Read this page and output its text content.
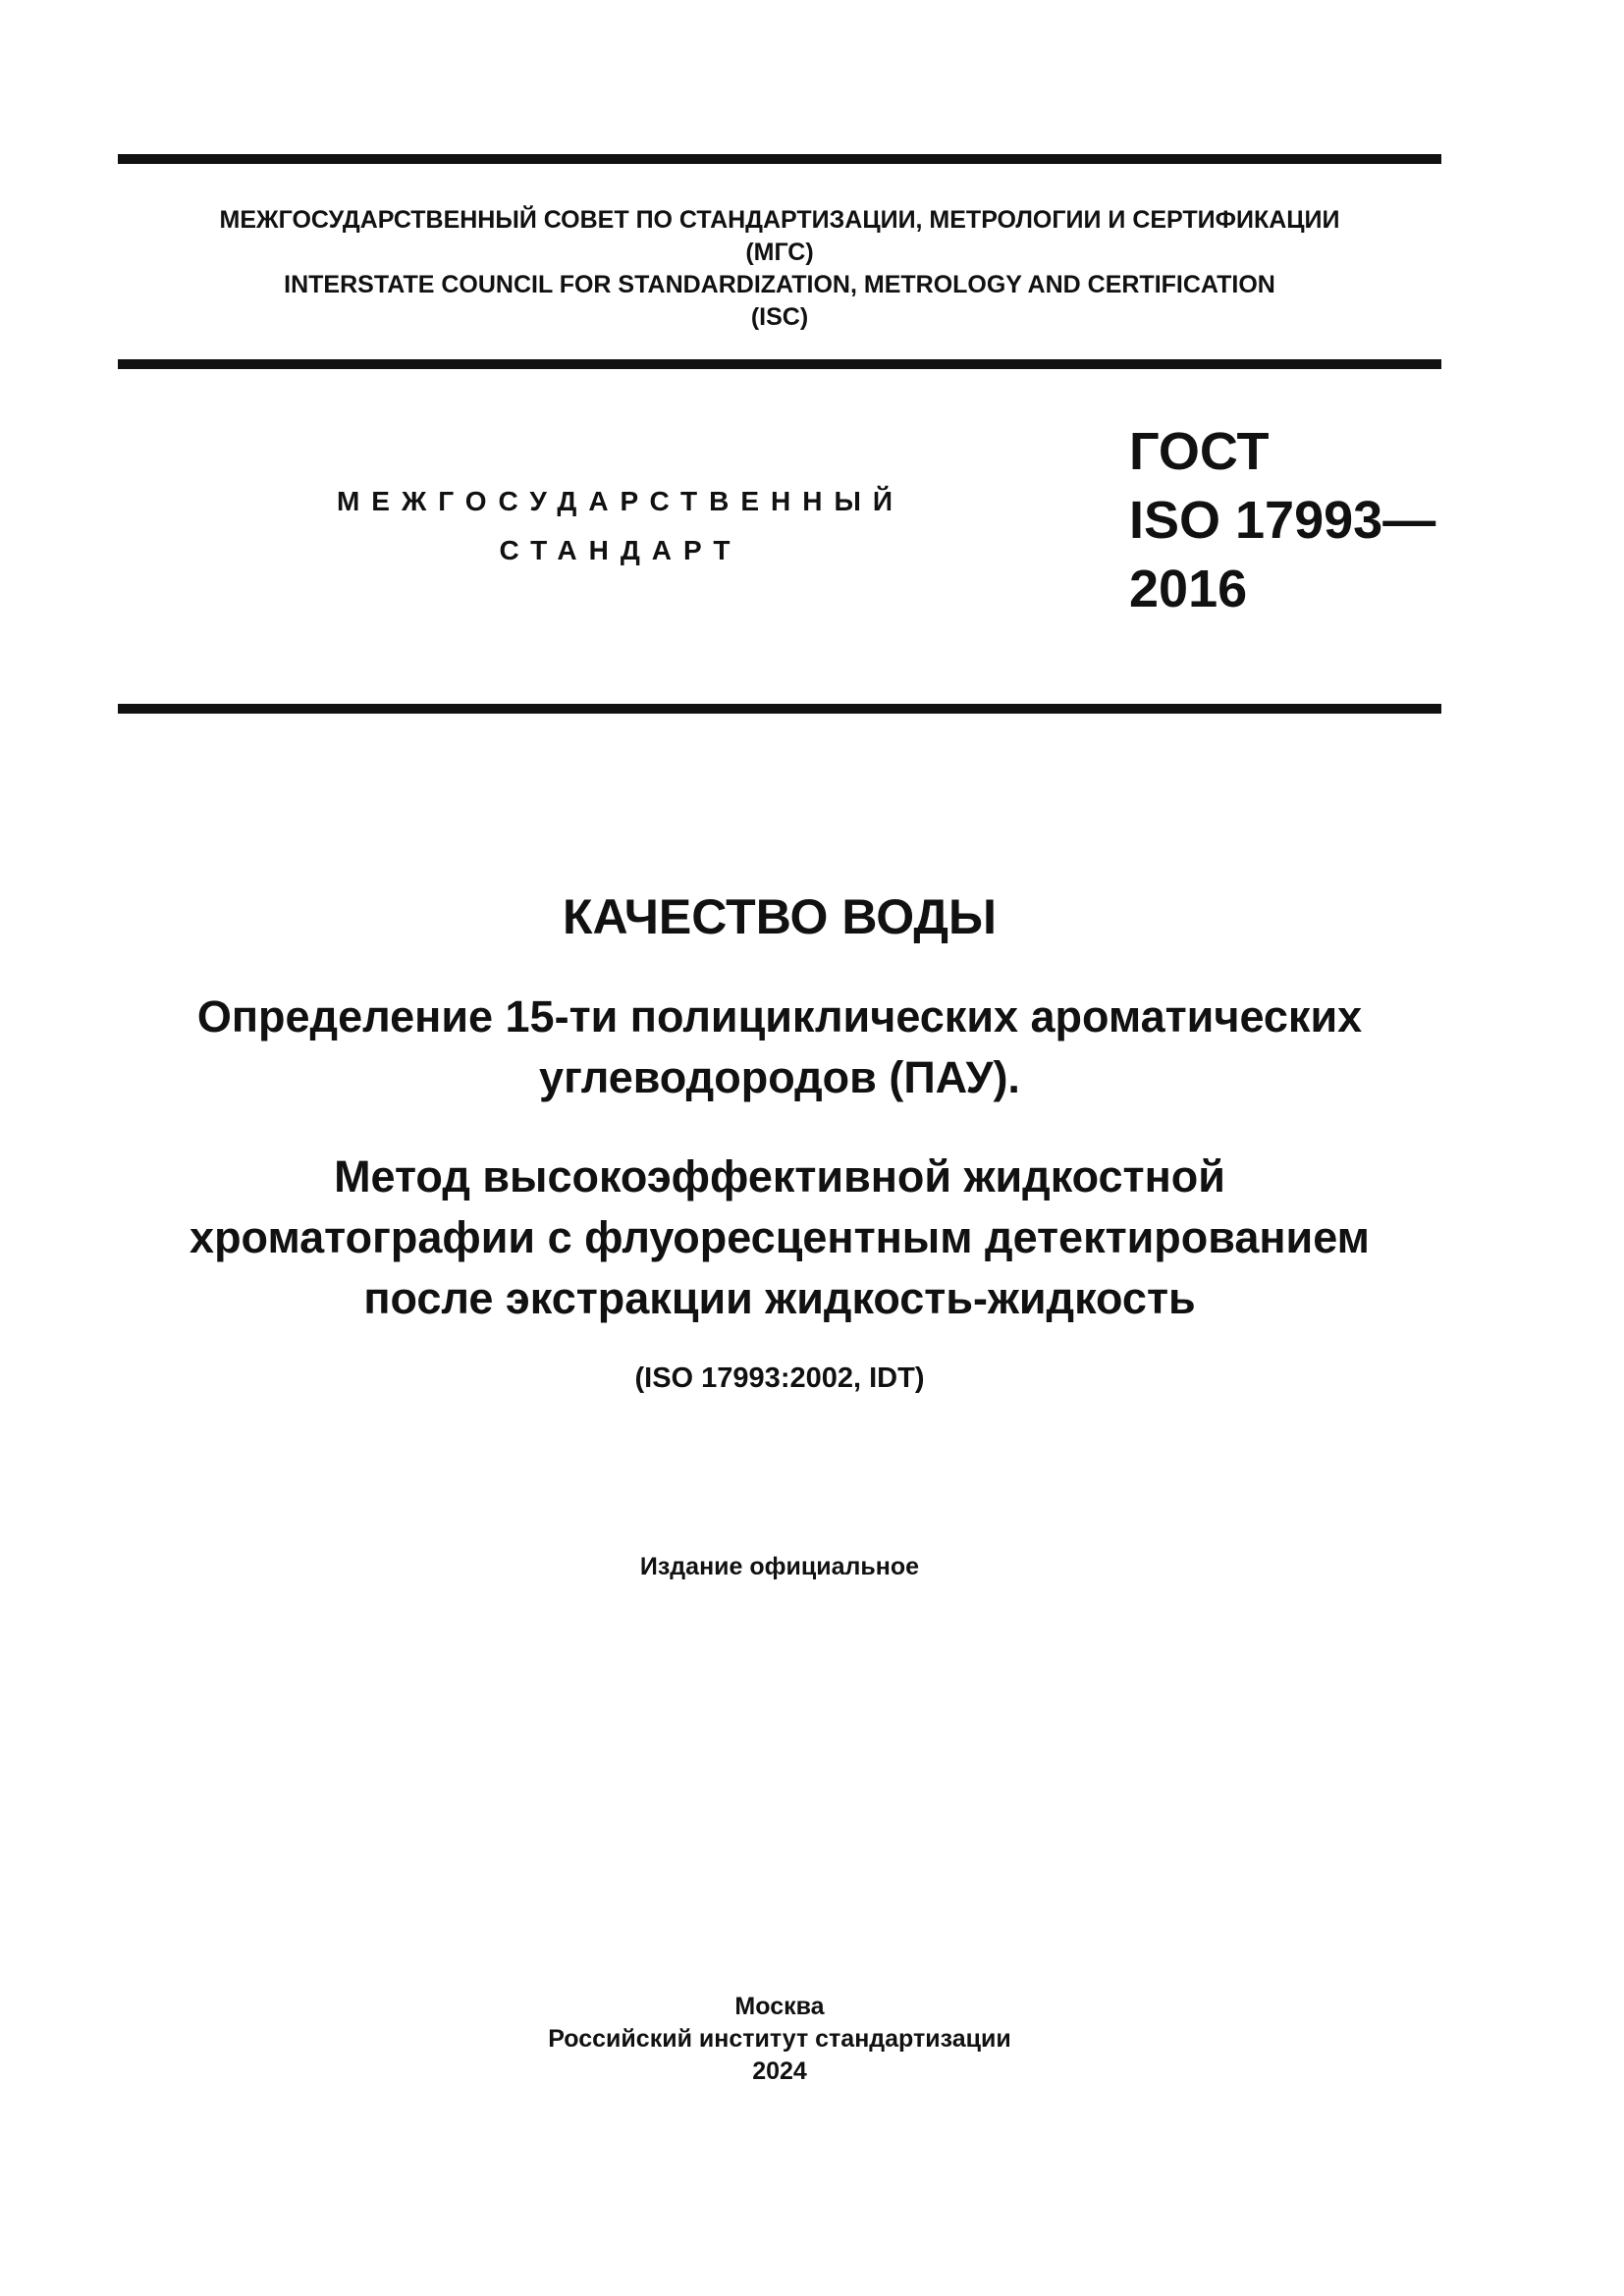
МЕЖГОСУДАРСТВЕННЫЙ СОВЕТ ПО СТАНДАРТИЗАЦИИ, МЕТРОЛОГИИ И СЕРТИФИКАЦИИ
(МГС)
INTERSTATE COUNCIL FOR STANDARDIZATION, METROLOGY AND CERTIFICATION
(ISC)
МЕЖГОСУДАРСТВЕННЫЙ
СТАНДАРТ
ГОСТ
ISO 17993—
2016
КАЧЕСТВО ВОДЫ
Определение 15-ти полициклических ароматических
углеводородов (ПАУ).
Метод высокоэффективной жидкостной
хроматографии с флуоресцентным детектированием
после экстракции жидкость-жидкость
(ISO 17993:2002, IDT)
Издание официальное
Москва
Российский институт стандартизации
2024
